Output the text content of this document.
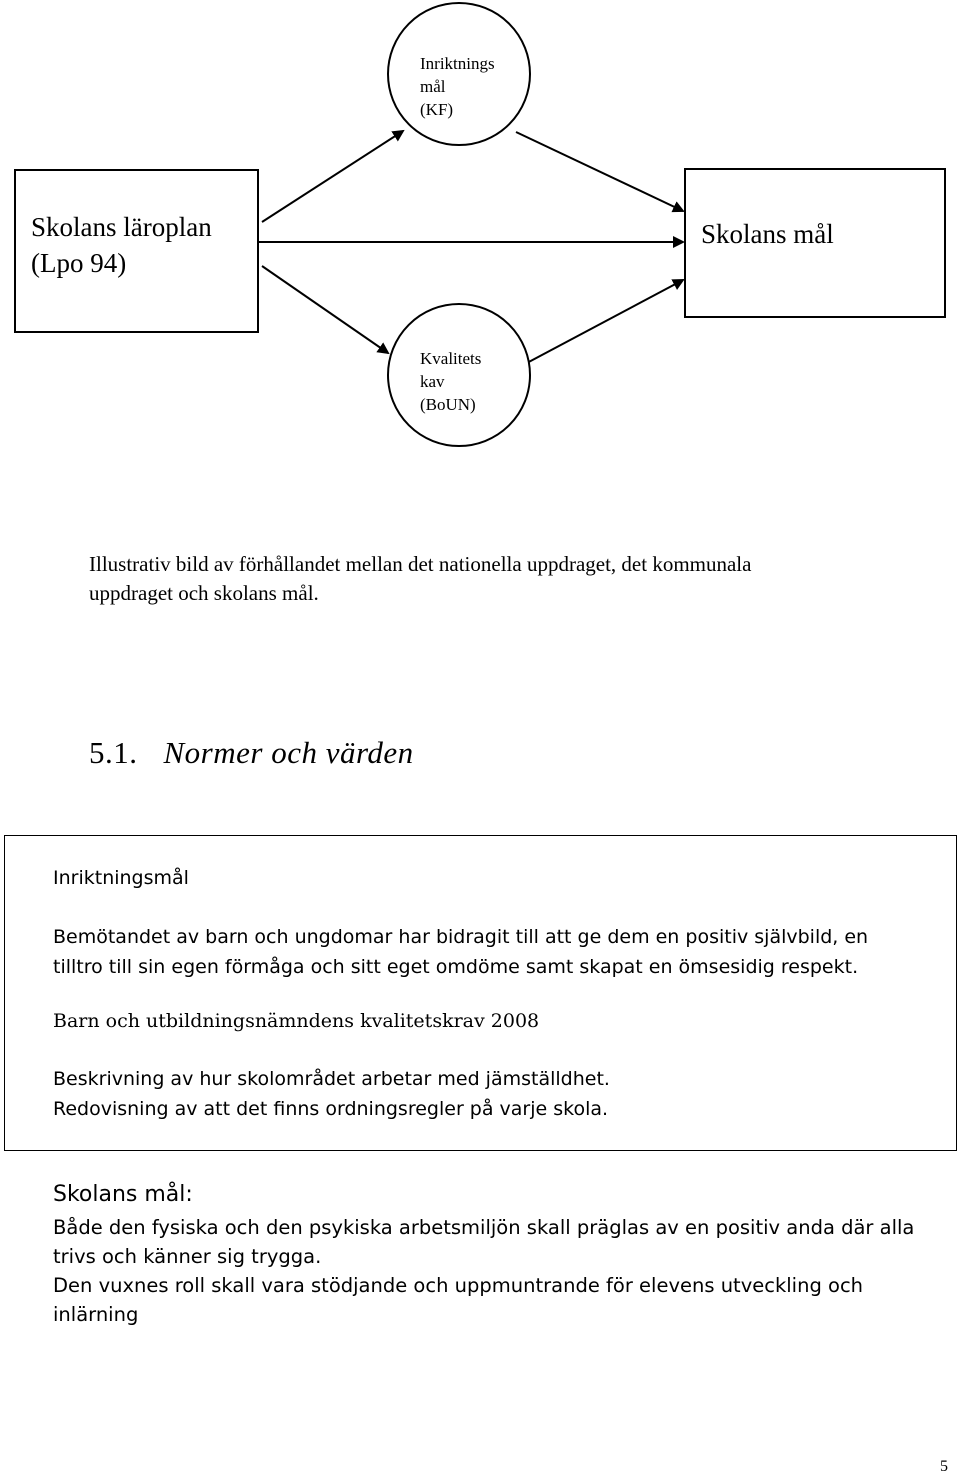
Inriktnings
mål
(KF)
Skolans läroplan
(Lpo 94)
Skolans mål
Kvalitets
kav
(BoUN)
Illustrativ bild av förhållandet mellan det nationella uppdraget, det kommunala
uppdraget och skolans mål.
5.1. Normer och värden
Inriktningsmål
Bemötandet av barn och ungdomar har bidragit till att ge dem en positiv självbild, en
tilltro till sin egen förmåga och sitt eget omdöme samt skapat en ömsesidig respekt.
Barn och utbildningsnämndens kvalitetskrav 2008
Beskrivning av hur skolområdet arbetar med jämställdhet.
Redovisning av att det finns ordningsregler på varje skola.
Skolans mål:
Både den fysiska och den psykiska arbetsmiljön skall präglas av en positiv anda där alla
trivs och känner sig trygga.
Den vuxnes roll skall vara stödjande och uppmuntrande för elevens utveckling och
inlärning
5
